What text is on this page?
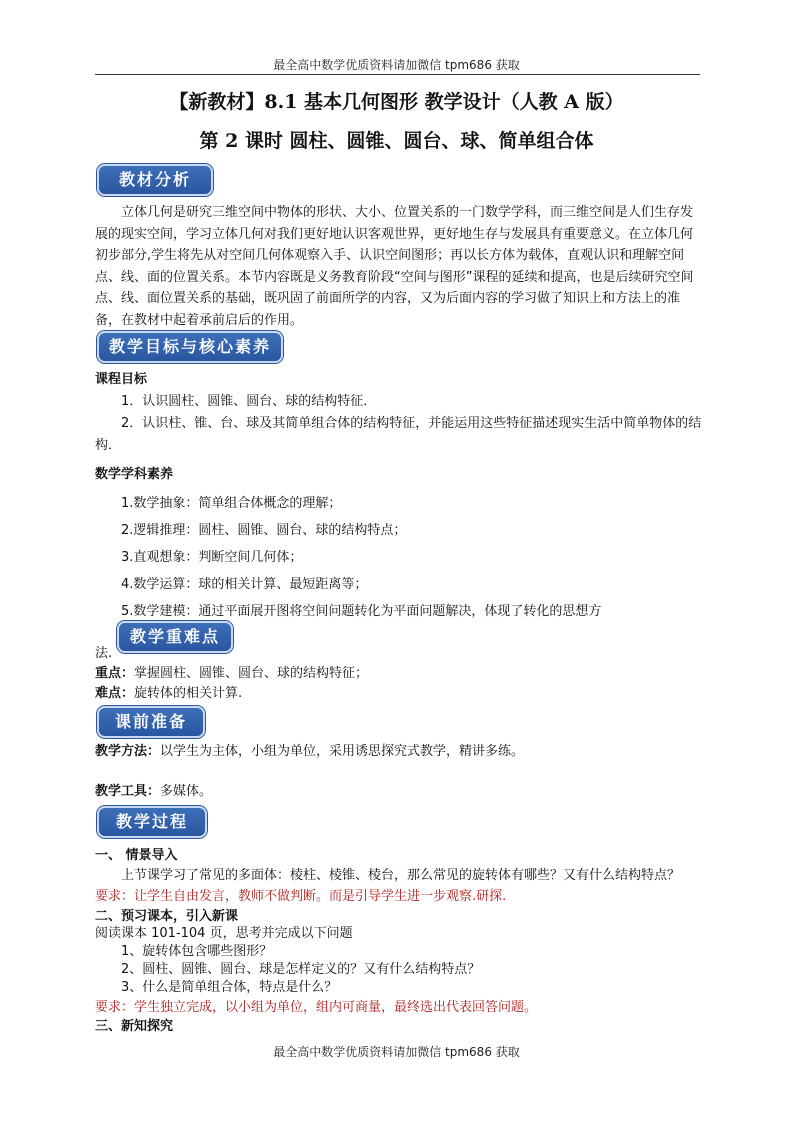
最全高中数学优质资料请加微信 tpm686 获取
【新教材】8.1 基本几何图形 教学设计（人教 A 版）
第 2 课时 圆柱、圆锥、圆台、球、简单组合体
教材分析
立体几何是研究三维空间中物体的形状、大小、位置关系的一门数学学科，而三维空间是人们生存发展的现实空间，学习立体几何对我们更好地认识客观世界，更好地生存与发展具有重要意义。在立体几何初步部分,学生将先从对空间几何体观察入手、认识空间图形；再以长方体为载体，直观认识和理解空间点、线、面的位置关系。本节内容既是义务教育阶段“空间与图形”课程的延续和提高，也是后续研究空间点、线、面位置关系的基础，既巩固了前面所学的内容，又为后面内容的学习做了知识上和方法上的准备，在教材中起着承前启后的作用。
教学目标与核心素养
课程目标
1．认识圆柱、圆锥、圆台、球的结构特征．
2．认识柱、锥、台、球及其简单组合体的结构特征，并能运用这些特征描述现实生活中简单物体的结构．
数学学科素养
1.数学抽象：简单组合体概念的理解；
2.逻辑推理：圆柱、圆锥、圆台、球的结构特点；
3.直观想象：判断空间几何体；
4.数学运算：球的相关计算、最短距离等；
5.数学建模：通过平面展开图将空间问题转化为平面问题解决，体现了转化的思想方
法.
教学重难点
重点：掌握圆柱、圆锥、圆台、球的结构特征；
难点：旋转体的相关计算.
课前准备
教学方法：以学生为主体，小组为单位，采用诱思探究式教学，精讲多练。
教学工具：多媒体。
教学过程
一、 情景导入
上节课学习了常见的多面体：棱柱、棱锥、棱台，那么常见的旋转体有哪些？又有什么结构特点？
要求：让学生自由发言，教师不做判断。而是引导学生进一步观察.研探.
二、预习课本，引入新课
阅读课本 101-104 页，思考并完成以下问题
1、旋转体包含哪些图形？
2、圆柱、圆锥、圆台、球是怎样定义的？又有什么结构特点？
3、什么是简单组合体，特点是什么？
要求：学生独立完成，以小组为单位，组内可商量，最终选出代表回答问题。
三、新知探究
最全高中数学优质资料请加微信 tpm686 获取
